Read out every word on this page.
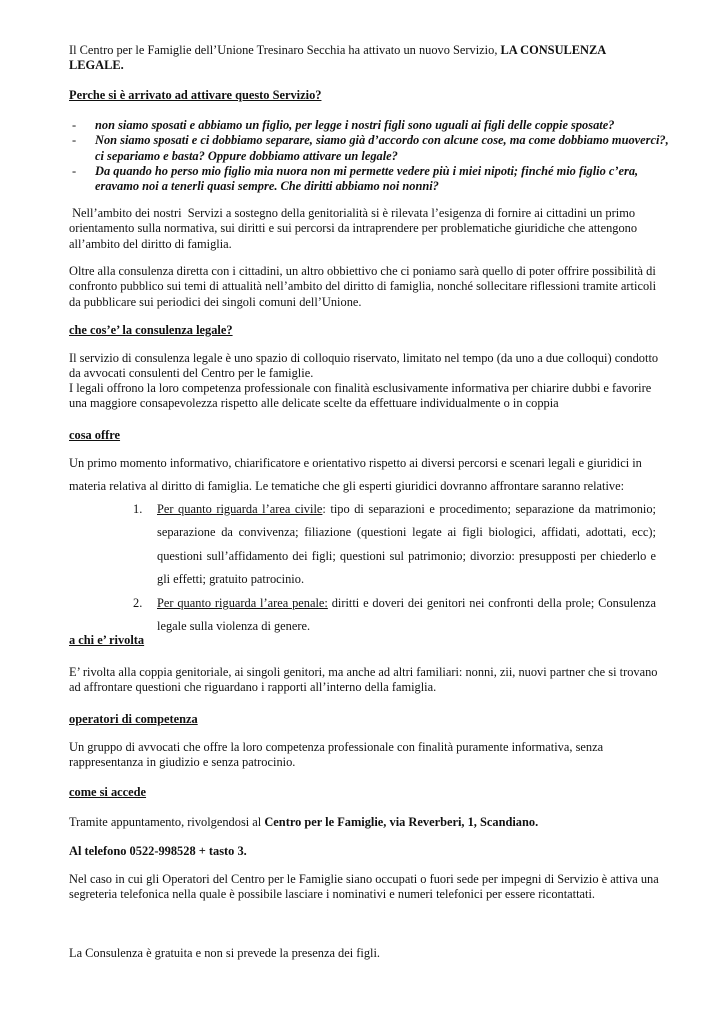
Il Centro per le Famiglie dell’Unione Tresinaro Secchia ha attivato un nuovo Servizio, LA CONSULENZA LEGALE.

Perche si è arrivato ad attivare questo Servizio?

- non siamo sposati e abbiamo un figlio, per legge i nostri figli sono uguali ai figli delle coppie sposate?
- Non siamo sposati e ci dobbiamo separare, siamo già d’accordo con alcune cose, ma come dobbiamo muoverci?, ci separiamo e basta? Oppure dobbiamo attivare un legale?
- Da quando ho perso mio figlio mia nuora non mi permette vedere più i miei nipoti; finché mio figlio c’era, eravamo noi a tenerli quasi sempre. Che diritti abbiamo noi nonni?

Nell’ambito dei nostri  Servizi a sostegno della genitorialità si è rilevata l’esigenza di fornire ai cittadini un primo orientamento sulla normativa, sui diritti e sui percorsi da intraprendere per problematiche giuridiche che attengono all’ambito del diritto di famiglia.

Oltre alla consulenza diretta con i cittadini, un altro obbiettivo che ci poniamo sarà quello di poter offrire possibilità di confronto pubblico sui temi di attualità nell’ambito del diritto di famiglia, nonché sollecitare riflessioni tramite articoli da pubblicare sui periodici dei singoli comuni dell’Unione.

che cos’e’ la consulenza legale?

Il servizio di consulenza legale è uno spazio di colloquio riservato, limitato nel tempo (da uno a due colloqui) condotto da avvocati consulenti del Centro per le famiglie.

I legali offrono la loro competenza professionale con finalità esclusivamente informativa per chiarire dubbi e favorire una maggiore consapevolezza rispetto alle delicate scelte da effettuare individualmente o in coppia

cosa offre

Un primo momento informativo, chiarificatore e orientativo rispetto ai diversi percorsi e scenari legali e giuridici in materia relativa al diritto di famiglia. Le tematiche che gli esperti giuridici dovranno affrontare saranno relative:

1. Per quanto riguarda l’area civile: tipo di separazioni e procedimento; separazione da matrimonio; separazione da convivenza; filiazione (questioni legate ai figli biologici, affidati, adottati, ecc); questioni sull’affidamento dei figli; questioni sul patrimonio; divorzio: presupposti per chiederlo e gli effetti; gratuito patrocinio.
2. Per quanto riguarda l’area penale: diritti e doveri dei genitori nei confronti della prole; Consulenza legale sulla violenza di genere.

a chi e’ rivolta

E’ rivolta alla coppia genitoriale, ai singoli genitori, ma anche ad altri familiari: nonni, zii, nuovi partner che si trovano ad affrontare questioni che riguardano i rapporti all’interno della famiglia.

operatori di competenza

Un gruppo di avvocati che offre la loro competenza professionale con finalità puramente informativa, senza rappresentanza in giudizio e senza patrocinio.

come si accede

Tramite appuntamento, rivolgendosi al Centro per le Famiglie, via Reverberi, 1, Scandiano.

Al telefono 0522-998528 + tasto 3.

Nel caso in cui gli Operatori del Centro per le Famiglie siano occupati o fuori sede per impegni di Servizio è attiva una segreteria telefonica nella quale è possibile lasciare i nominativi e numeri telefonici per essere ricontattati.

La Consulenza è gratuita e non si prevede la presenza dei figli.
